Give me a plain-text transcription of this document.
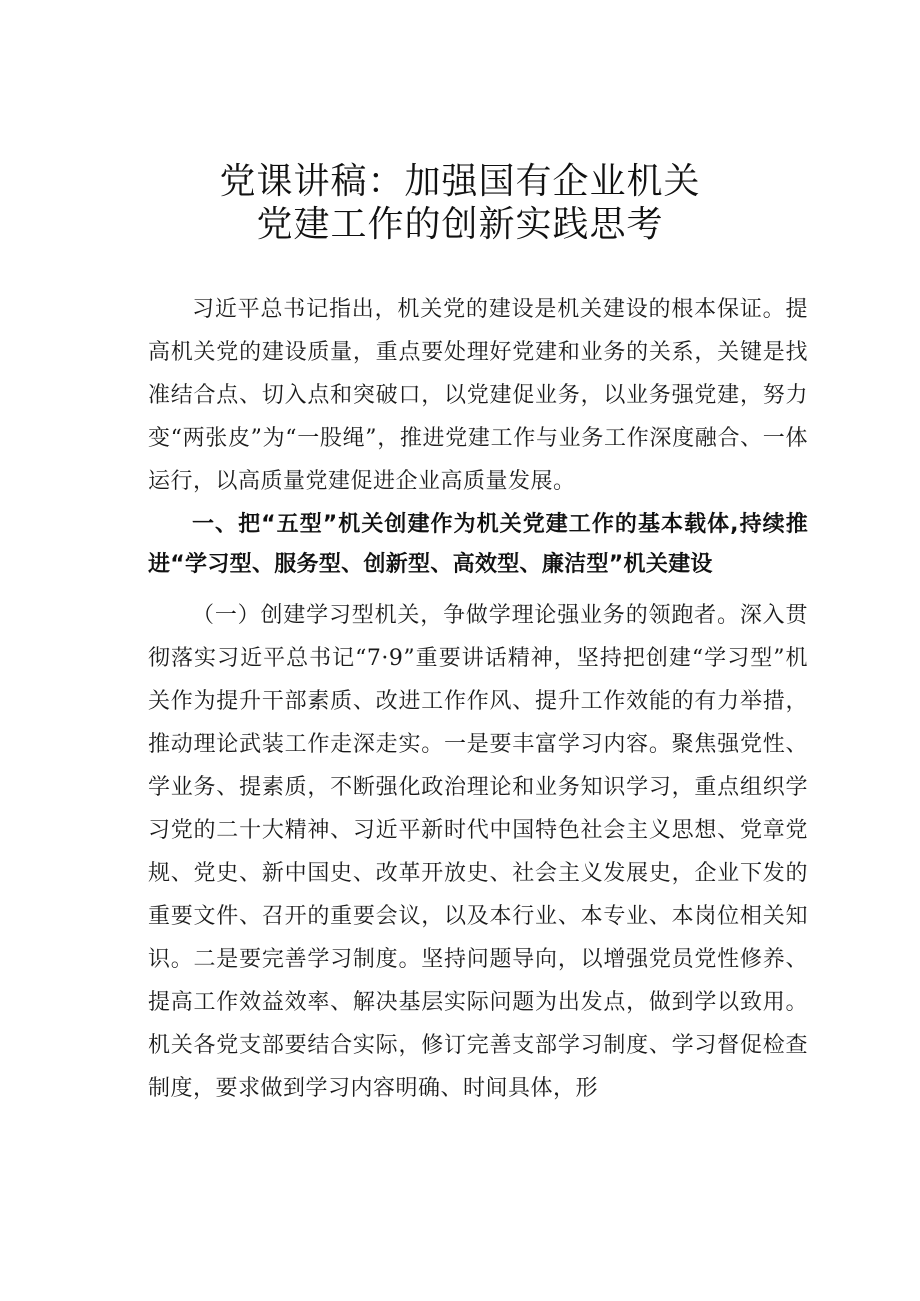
党课讲稿：加强国有企业机关
党建工作的创新实践思考

习近平总书记指出，机关党的建设是机关建设的根本保证。提高机关党的建设质量，重点要处理好党建和业务的关系，关键是找准结合点、切入点和突破口，以党建促业务，以业务强党建，努力变“两张皮”为“一股绳”，推进党建工作与业务工作深度融合、一体运行，以高质量党建促进企业高质量发展。

一、把“五型”机关创建作为机关党建工作的基本载体,持续推进“学习型、服务型、创新型、高效型、廉洁型”机关建设

（一）创建学习型机关，争做学理论强业务的领跑者。深入贯彻落实习近平总书记“7·9”重要讲话精神，坚持把创建“学习型”机关作为提升干部素质、改进工作作风、提升工作效能的有力举措，推动理论武装工作走深走实。一是要丰富学习内容。聚焦强党性、学业务、提素质，不断强化政治理论和业务知识学习，重点组织学习党的二十大精神、习近平新时代中国特色社会主义思想、党章党规、党史、新中国史、改革开放史、社会主义发展史，企业下发的重要文件、召开的重要会议，以及本行业、本专业、本岗位相关知识。二是要完善学习制度。坚持问题导向，以增强党员党性修养、提高工作效益效率、解决基层实际问题为出发点，做到学以致用。机关各党支部要结合实际，修订完善支部学习制度、学习督促检查制度，要求做到学习内容明确、时间具体，形
